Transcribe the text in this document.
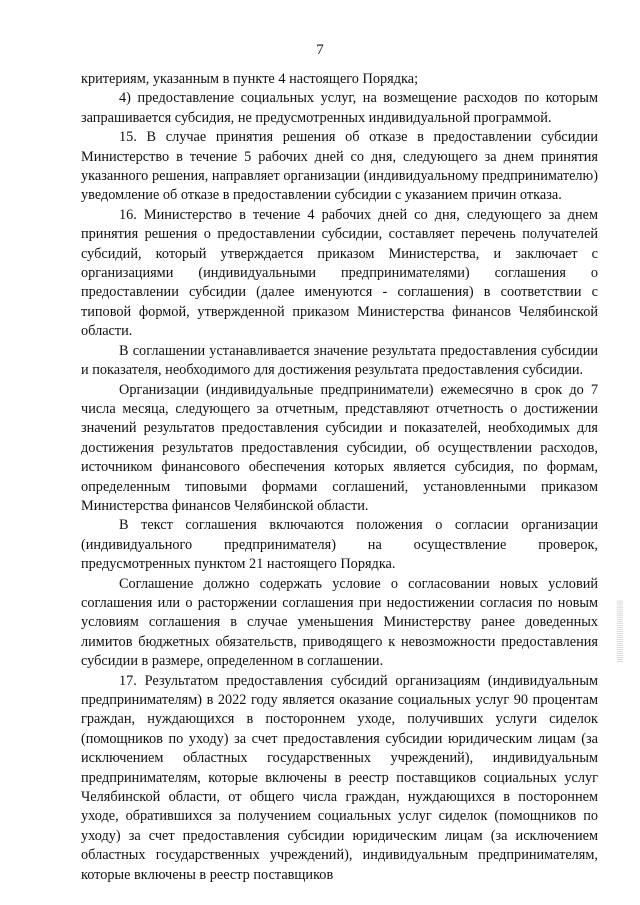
7

критериям, указанным в пункте 4 настоящего Порядка;

4) предоставление социальных услуг, на возмещение расходов по которым запрашивается субсидия, не предусмотренных индивидуальной программой.

15. В случае принятия решения об отказе в предоставлении субсидии Министерство в течение 5 рабочих дней со дня, следующего за днем принятия указанного решения, направляет организации (индивидуальному предпринимателю) уведомление об отказе в предоставлении субсидии с указанием причин отказа.

16. Министерство в течение 4 рабочих дней со дня, следующего за днем принятия решения о предоставлении субсидии, составляет перечень получателей субсидий, который утверждается приказом Министерства, и заключает с организациями (индивидуальными предпринимателями) соглашения о предоставлении субсидии (далее именуются - соглашения) в соответствии с типовой формой, утвержденной приказом Министерства финансов Челябинской области.

В соглашении устанавливается значение результата предоставления субсидии и показателя, необходимого для достижения результата предоставления субсидии.

Организации (индивидуальные предприниматели) ежемесячно в срок до 7 числа месяца, следующего за отчетным, представляют отчетность о достижении значений результатов предоставления субсидии и показателей, необходимых для достижения результатов предоставления субсидии, об осуществлении расходов, источником финансового обеспечения которых является субсидия, по формам, определенным типовыми формами соглашений, установленными приказом Министерства финансов Челябинской области.

В текст соглашения включаются положения о согласии организации (индивидуального предпринимателя) на осуществление проверок, предусмотренных пунктом 21 настоящего Порядка.

Соглашение должно содержать условие о согласовании новых условий соглашения или о расторжении соглашения при недостижении согласия по новым условиям соглашения в случае уменьшения Министерству ранее доведенных лимитов бюджетных обязательств, приводящего к невозможности предоставления субсидии в размере, определенном в соглашении.

17. Результатом предоставления субсидий организациям (индивидуальным предпринимателям) в 2022 году является оказание социальных услуг 90 процентам граждан, нуждающихся в постороннем уходе, получивших услуги сиделок (помощников по уходу) за счет предоставления субсидии юридическим лицам (за исключением областных государственных учреждений), индивидуальным предпринимателям, которые включены в реестр поставщиков социальных услуг Челябинской области, от общего числа граждан, нуждающихся в постороннем уходе, обратившихся за получением социальных услуг сиделок (помощников по уходу) за счет предоставления субсидии юридическим лицам (за исключением областных государственных учреждений), индивидуальным предпринимателям, которые включены в реестр поставщиков

|||||||||||||||||||||||||||||||
